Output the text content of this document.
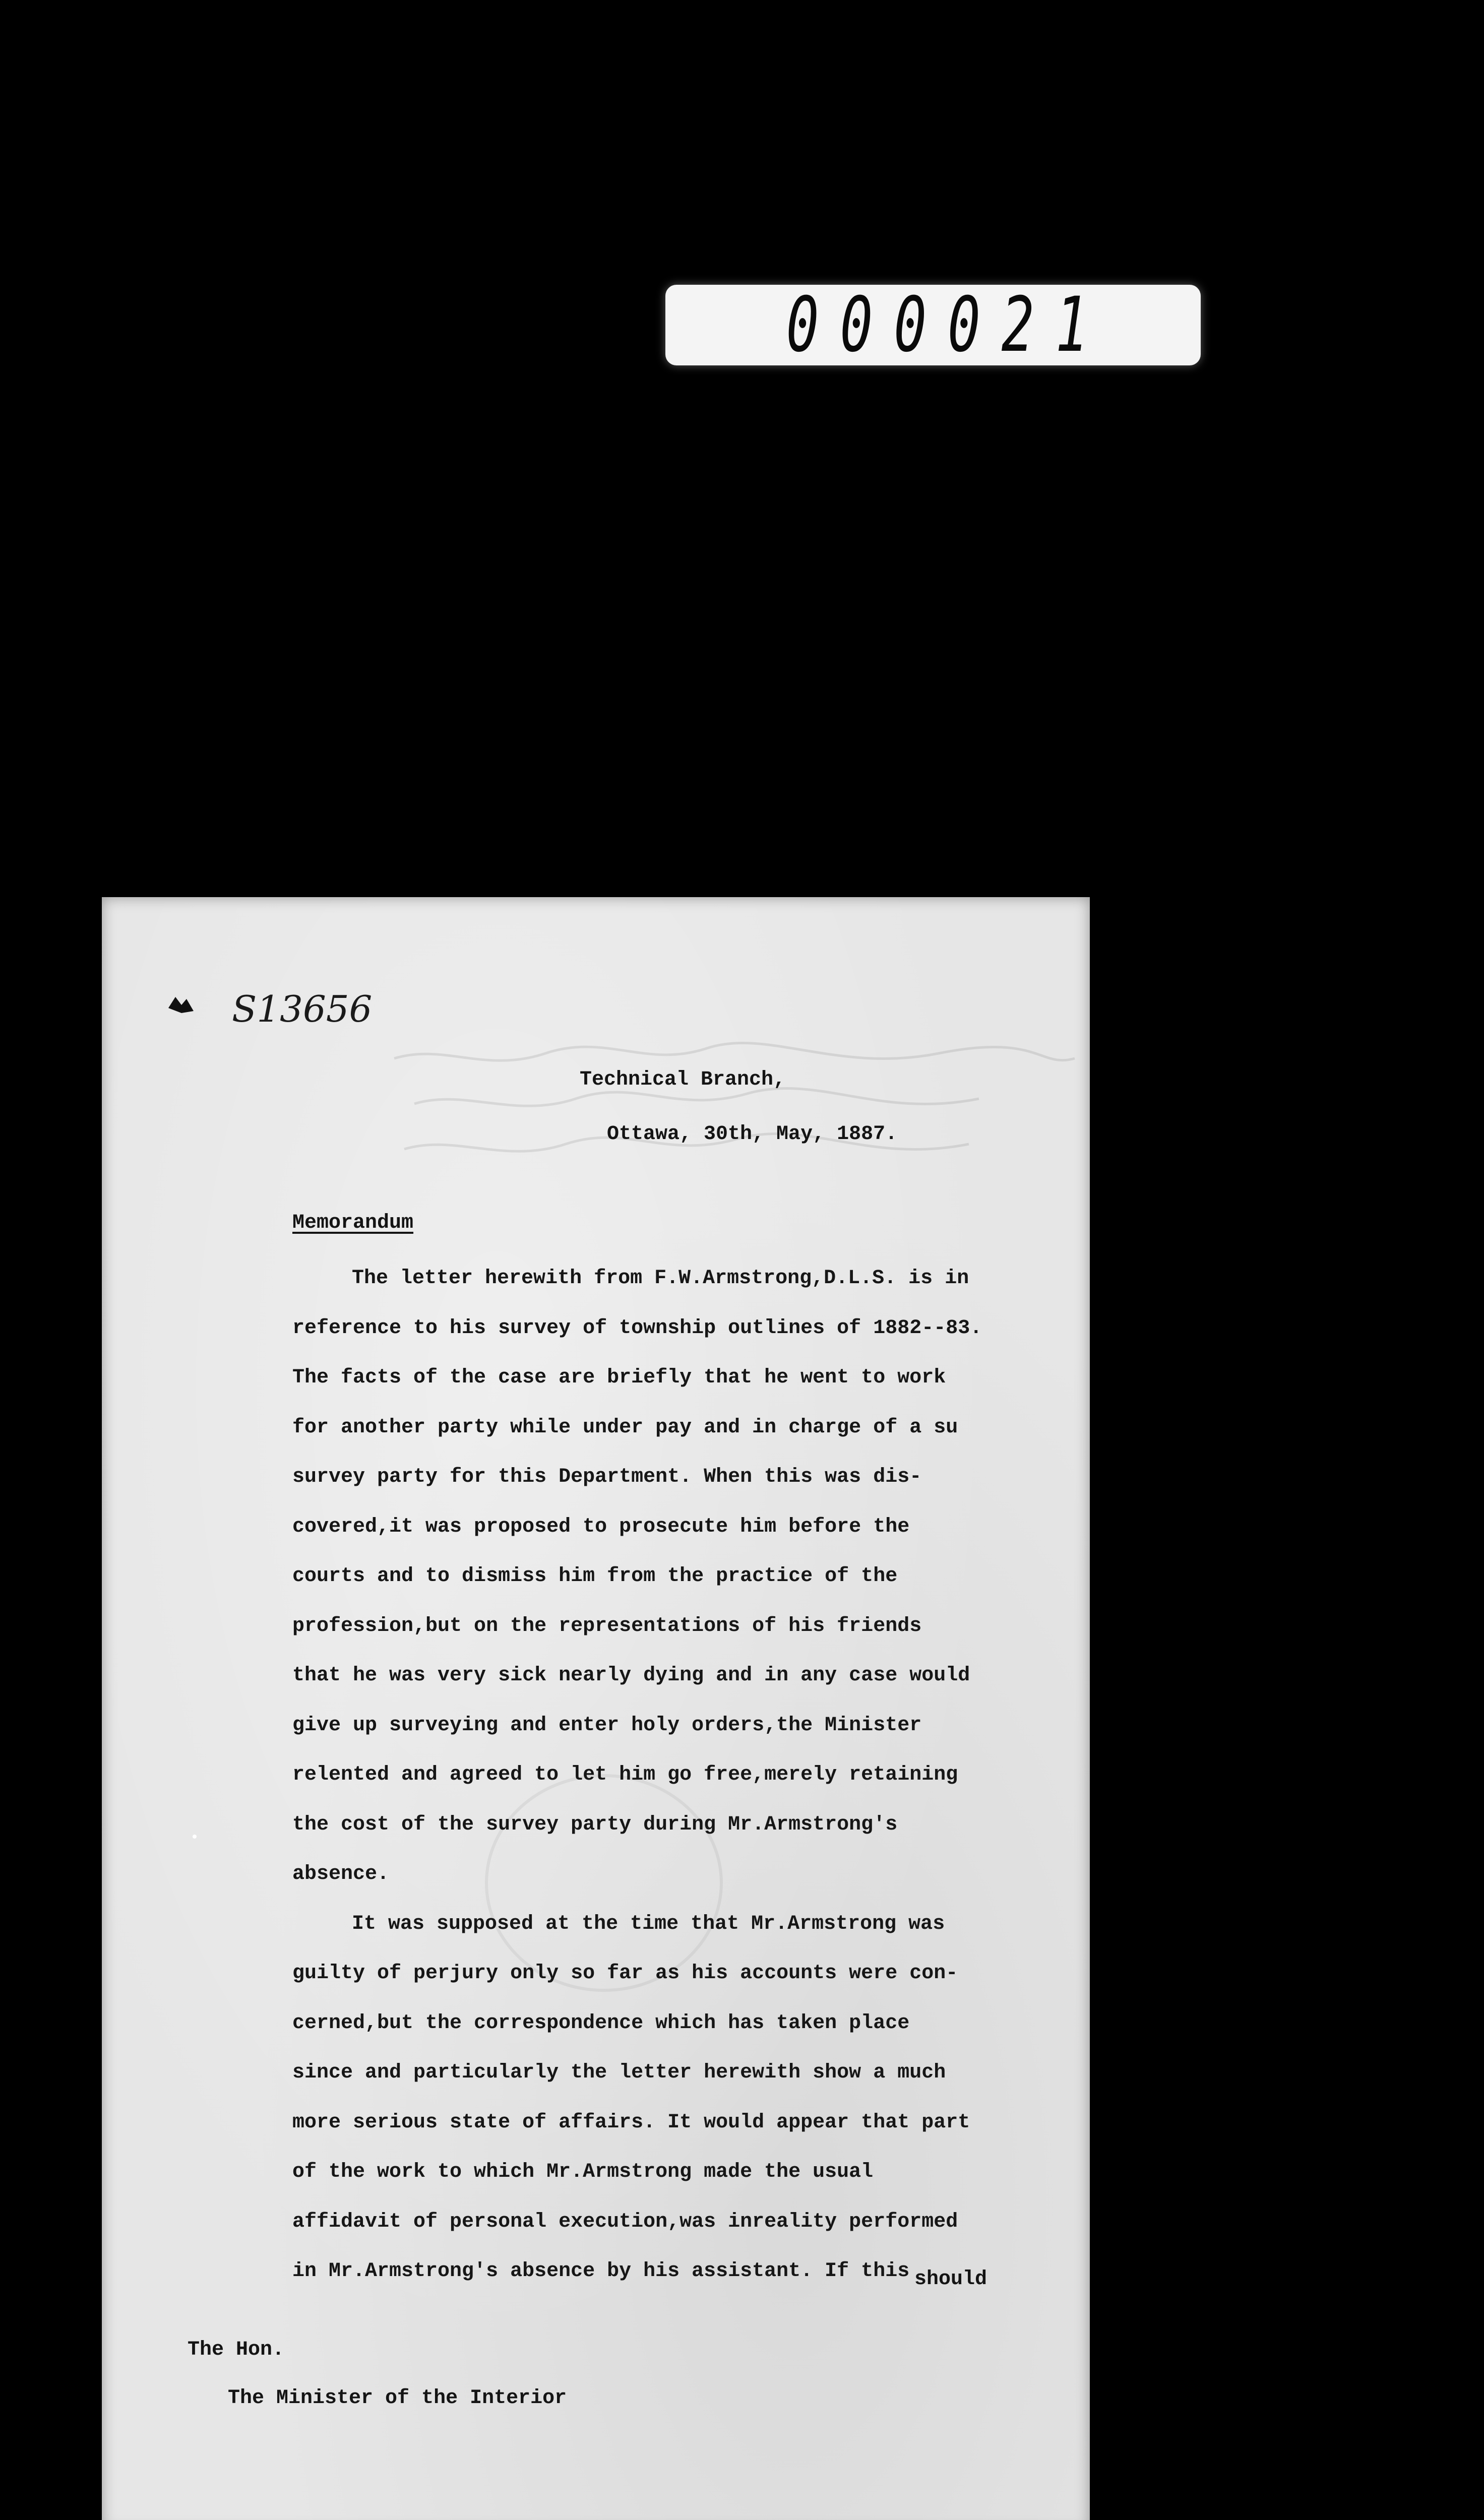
000021
S13656
Technical Branch,
Ottawa, 30th, May, 1887.
Memorandum
The letter herewith from F.W.Armstrong,D.L.S. is in
reference to his survey of township outlines of 1882--83.
The facts of the case are briefly that he went to work
for another party while under pay and in charge of a su
survey party for this Department. When this was dis-
covered,it was proposed to prosecute him before the
courts and to dismiss him from the practice of the
profession,but on the representations of his friends
that he was very sick nearly dying and in any case would
give up surveying and enter holy orders,the Minister
relented and agreed to let him go free,merely retaining
the cost of the survey party during Mr.Armstrong's
absence.
It was supposed at the time that Mr.Armstrong was
guilty of perjury only so far as his accounts were con-
cerned,but the correspondence which has taken place
since and particularly the letter herewith show a much
more serious state of affairs. It would appear that part
of the work to which Mr.Armstrong made the usual
affidavit of personal execution,was inreality performed
in Mr.Armstrong's absence by his assistant. If this should
The Hon.
The Minister of the Interior
